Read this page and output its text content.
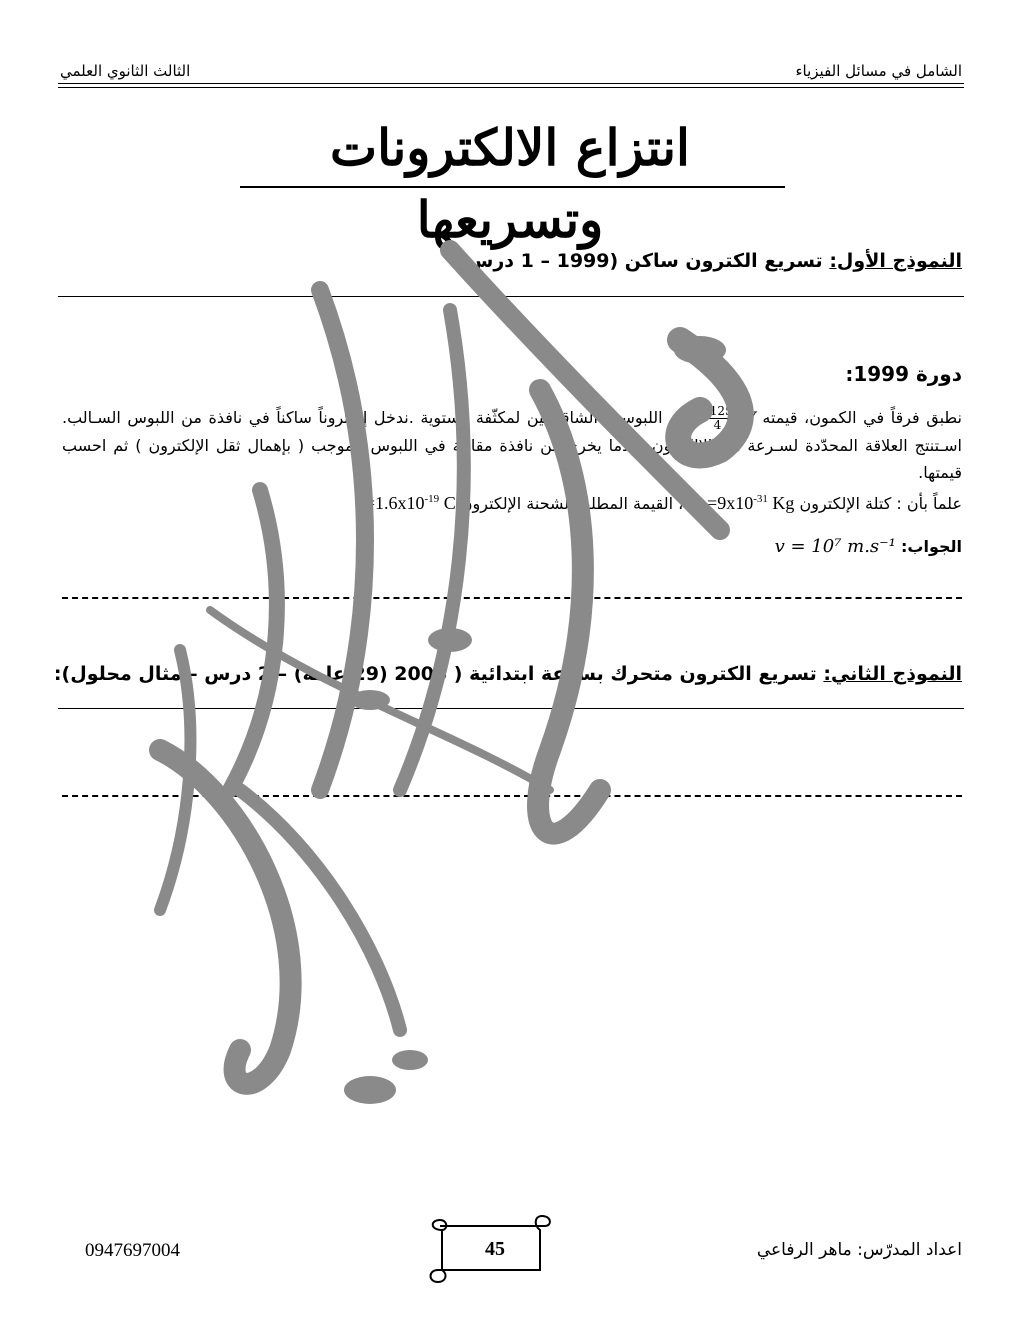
الشامل في مسائل الفيزياء
الثالث الثانوي العلمي
انتزاع الالكترونات وتسريعها
النموذج الأول: تسريع الكترون ساكن (1999 – 1 درس):
دورة 1999:
نطبق فرقاً في الكمون، قيمته V
$\frac{1125}{4}$
بين اللبوسين الشاقوليين لمكثّفة مستوية .ندخل إلكتروناً ساكناً في نافذة من اللبوس السـالب. اسـتنتج العلاقة المحدّدة لسـرعة هذا الإلكترون عندما يخرج من نافذة مقابلة في اللبوس الموجب ( بإهمال ثقل الإلكترون ) ثم احسب قيمتها.
علماً بأن : كتلة الإلكترون $m_e=9x10^{-31}$ Kg ، القيمة المطلقة لشحنة الإلكترون $e=1.6x10^{-19}$ C
الجواب: v = 10⁷ m.s⁻¹
النموذج الثاني: تسريع الكترون متحرك بسرعة ابتدائية ( 2006 (29 عامة) – 2 درس – مثال محلول):
اعداد المدرّس: ماهر الرفاعي
0947697004	45
